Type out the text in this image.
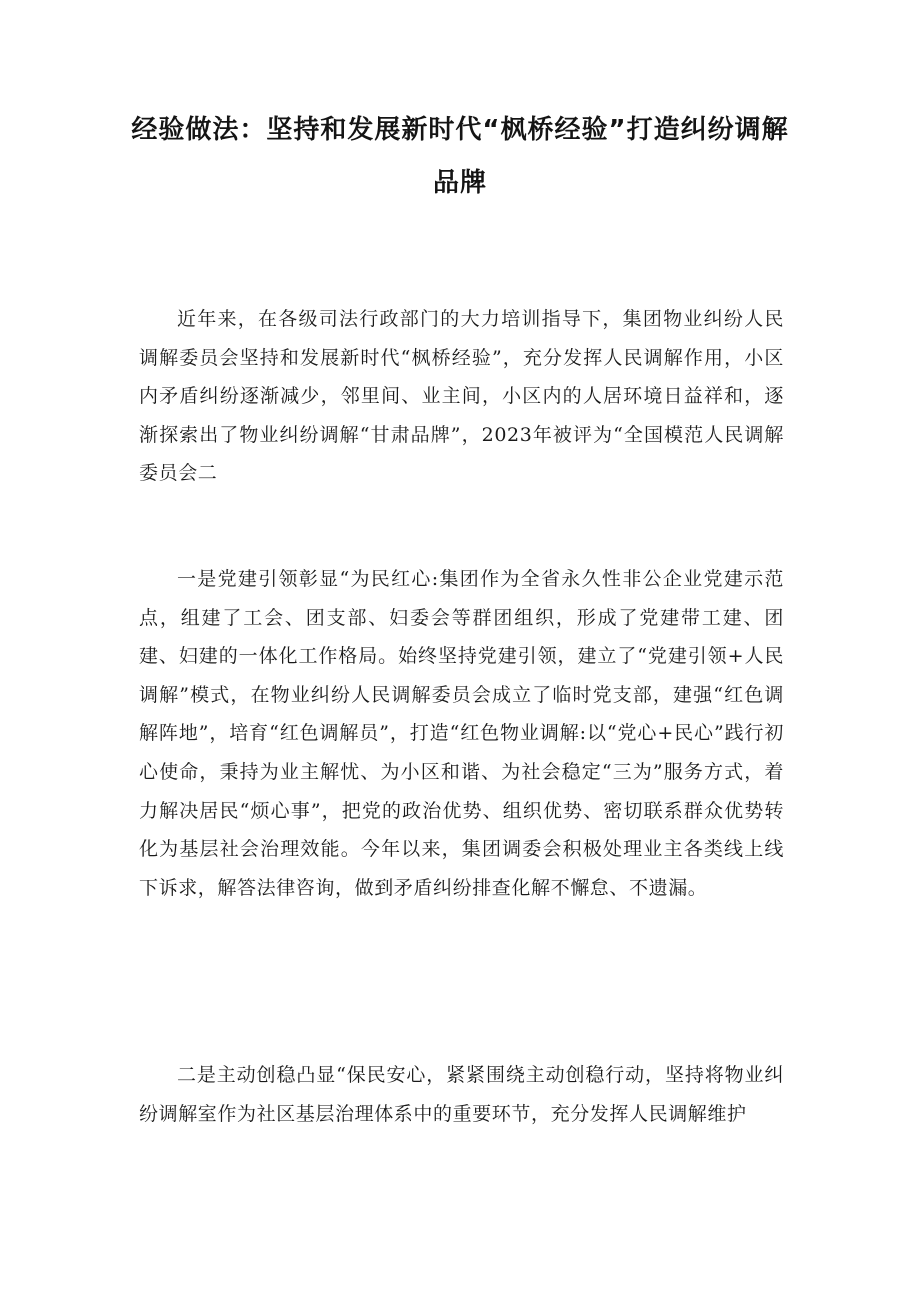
经验做法：坚持和发展新时代“枫桥经验”打造纠纷调解品牌

近年来，在各级司法行政部门的大力培训指导下，集团物业纠纷人民调解委员会坚持和发展新时代“枫桥经验”，充分发挥人民调解作用，小区内矛盾纠纷逐渐减少，邻里间、业主间，小区内的人居环境日益祥和，逐渐探索出了物业纠纷调解“甘肃品牌”，2023年被评为“全国模范人民调解委员会二

一是党建引领彰显“为民红心:集团作为全省永久性非公企业党建示范点，组建了工会、团支部、妇委会等群团组织，形成了党建带工建、团建、妇建的一体化工作格局。始终坚持党建引领，建立了“党建引领+人民调解”模式，在物业纠纷人民调解委员会成立了临时党支部，建强“红色调解阵地”，培育“红色调解员”，打造“红色物业调解:以“党心+民心”践行初心使命，秉持为业主解忧、为小区和谐、为社会稳定“三为”服务方式，着力解决居民“烦心事”，把党的政治优势、组织优势、密切联系群众优势转化为基层社会治理效能。今年以来，集团调委会积极处理业主各类线上线下诉求，解答法律咨询，做到矛盾纠纷排查化解不懈怠、不遗漏。

二是主动创稳凸显“保民安心，紧紧围绕主动创稳行动，坚持将物业纠纷调解室作为社区基层治理体系中的重要环节，充分发挥人民调解维护
